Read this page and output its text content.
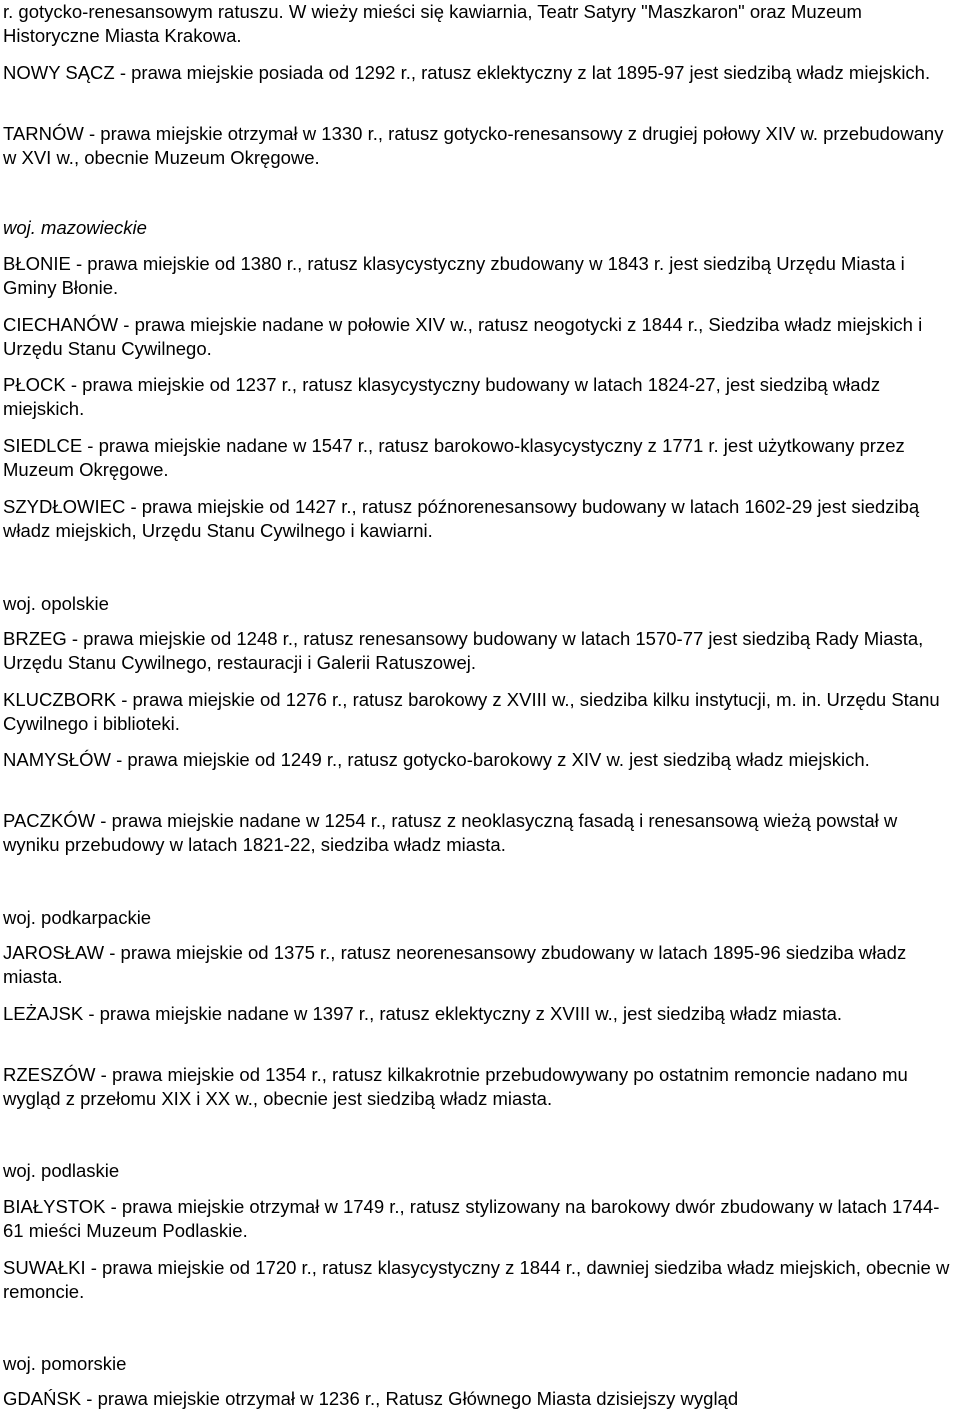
r. gotycko-renesansowym ratuszu. W wieży mieści się kawiarnia, Teatr Satyry "Maszkaron" oraz Muzeum Historyczne Miasta Krakowa.

NOWY SĄCZ - prawa miejskie posiada od 1292 r., ratusz eklektyczny z lat 1895-97 jest siedzibą władz miejskich.

TARNÓW - prawa miejskie otrzymał w 1330 r., ratusz gotycko-renesansowy z drugiej połowy XIV w. przebudowany w XVI w., obecnie Muzeum Okręgowe.

woj. mazowieckie

BŁONIE - prawa miejskie od 1380 r., ratusz klasycystyczny zbudowany w 1843 r. jest siedzibą Urzędu Miasta i Gminy Błonie.

CIECHANÓW - prawa miejskie nadane w połowie XIV w., ratusz neogotycki z 1844 r., Siedziba władz miejskich i Urzędu Stanu Cywilnego.

PŁOCK - prawa miejskie od 1237 r., ratusz klasycystyczny budowany w latach 1824-27, jest siedzibą władz miejskich.

SIEDLCE - prawa miejskie nadane w 1547 r., ratusz barokowo-klasycystyczny z 1771 r. jest użytkowany przez Muzeum Okręgowe.

SZYDŁOWIEC - prawa miejskie od 1427 r., ratusz późnorenesansowy budowany w latach 1602-29 jest siedzibą władz miejskich, Urzędu Stanu Cywilnego i kawiarni.

woj. opolskie

BRZEG - prawa miejskie od 1248 r., ratusz renesansowy budowany w latach 1570-77 jest siedzibą Rady Miasta, Urzędu Stanu Cywilnego, restauracji i Galerii Ratuszowej.

KLUCZBORK - prawa miejskie od 1276 r., ratusz barokowy z XVIII w., siedziba kilku instytucji, m. in. Urzędu Stanu Cywilnego i biblioteki.

NAMYSŁÓW - prawa miejskie od 1249 r., ratusz gotycko-barokowy z XIV w. jest siedzibą władz miejskich.

PACZKÓW - prawa miejskie nadane w 1254 r., ratusz z neoklasyczną fasadą i renesansową wieżą powstał w wyniku przebudowy w latach 1821-22, siedziba władz miasta.

woj. podkarpackie

JAROSŁAW - prawa miejskie od 1375 r., ratusz neorenesansowy zbudowany w latach 1895-96 siedziba władz miasta.

LEŻAJSK - prawa miejskie nadane w 1397 r., ratusz eklektyczny z XVIII w., jest siedzibą władz miasta.

RZESZÓW - prawa miejskie od 1354 r., ratusz kilkakrotnie przebudowywany po ostatnim remoncie nadano mu wygląd z przełomu XIX i XX w., obecnie jest siedzibą władz miasta.

woj. podlaskie

BIAŁYSTOK - prawa miejskie otrzymał w 1749 r., ratusz stylizowany na barokowy dwór zbudowany w latach 1744-61 mieści Muzeum Podlaskie.

SUWAŁKI - prawa miejskie od 1720 r., ratusz klasycystyczny z 1844 r., dawniej siedziba władz miejskich, obecnie w remoncie.

woj. pomorskie

GDAŃSK - prawa miejskie otrzymał w 1236 r., Ratusz Głównego Miasta dzisiejszy wygląd
